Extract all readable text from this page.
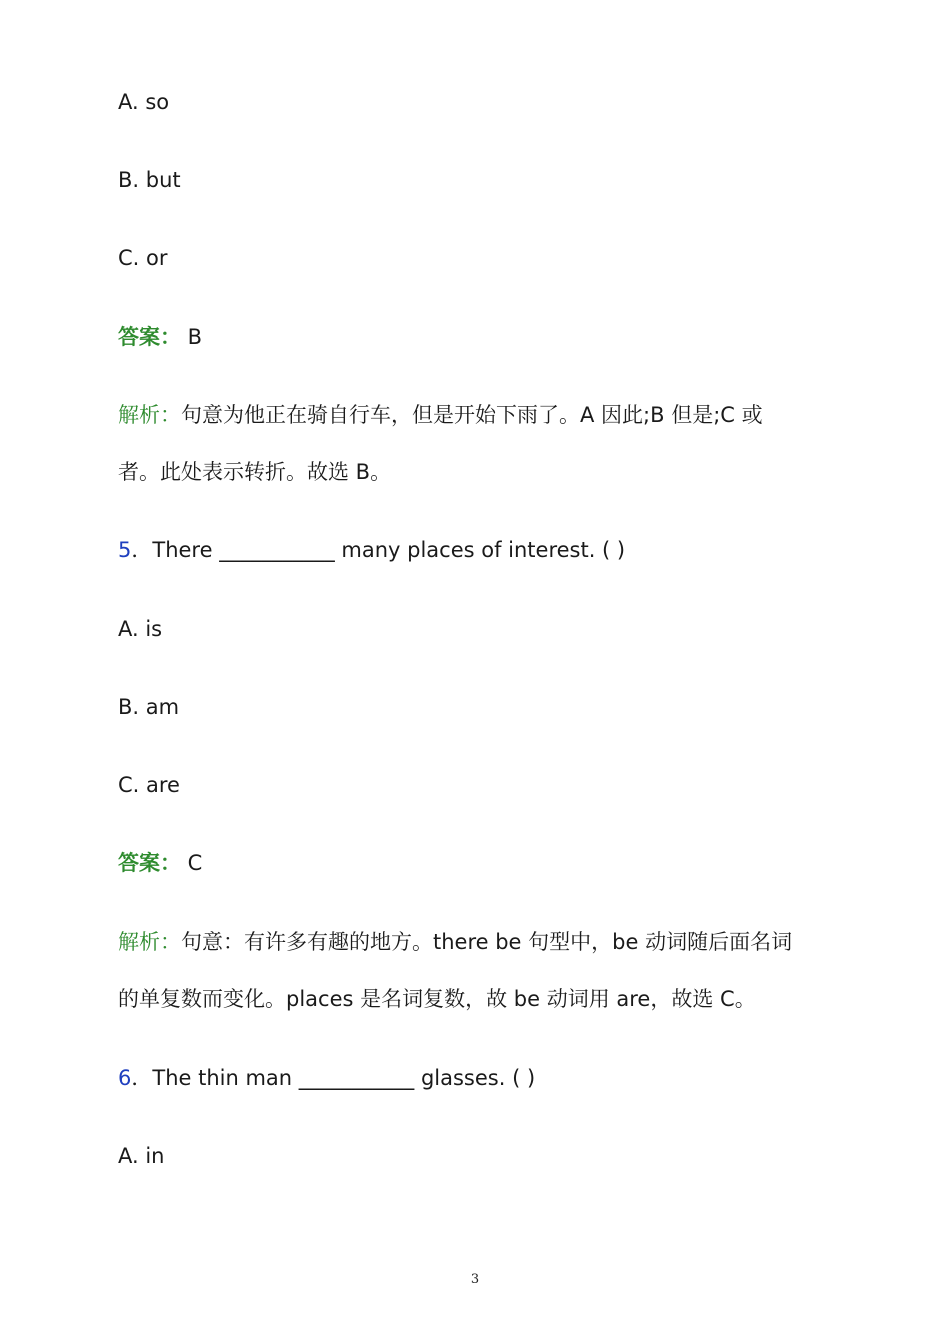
A. so
B. but
C. or
答案： B
解析：句意为他正在骑自行车，但是开始下雨了。A 因此;B 但是;C 或
者。此处表示转折。故选 B。
5．There ___________ many places of interest. ( )
A. is
B. am
C. are
答案： C
解析：句意：有许多有趣的地方。there be 句型中，be 动词随后面名词
的单复数而变化。places 是名词复数，故 be 动词用 are，故选 C。
6．The thin man ___________ glasses. ( )
A. in
3
